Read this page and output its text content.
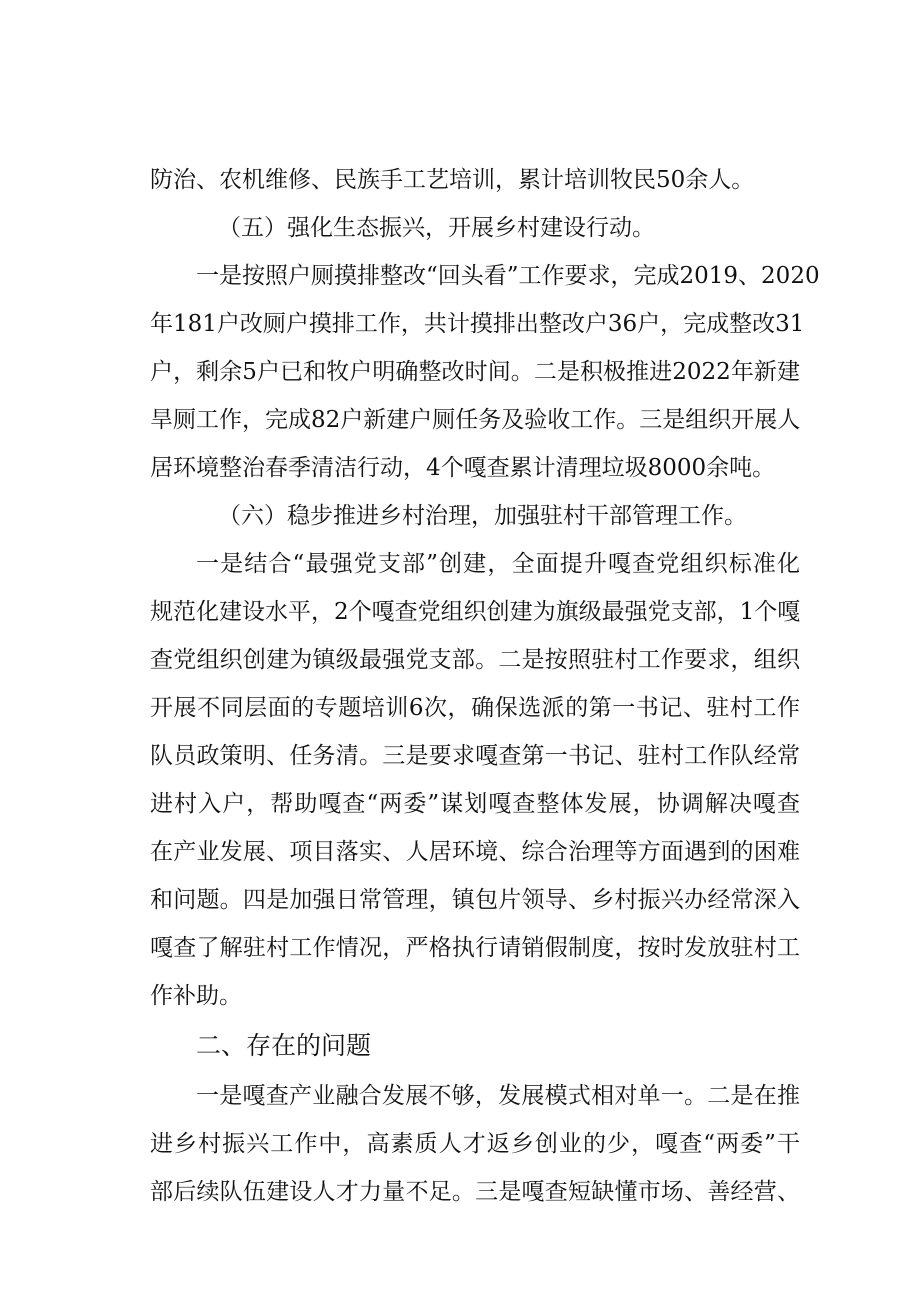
防治、农机维修、民族手工艺培训，累计培训牧民50余人。
（五）强化生态振兴，开展乡村建设行动。
一是按照户厕摸排整改“回头看”工作要求，完成2019、2020
年181户改厕户摸排工作，共计摸排出整改户36户，完成整改31
户，剩余5户已和牧户明确整改时间。二是积极推进2022年新建
旱厕工作，完成82户新建户厕任务及验收工作。三是组织开展人
居环境整治春季清洁行动，4个嘎查累计清理垃圾8000余吨。
（六）稳步推进乡村治理，加强驻村干部管理工作。
一是结合“最强党支部”创建，全面提升嘎查党组织标准化
规范化建设水平，2个嘎查党组织创建为旗级最强党支部，1个嘎
查党组织创建为镇级最强党支部。二是按照驻村工作要求，组织
开展不同层面的专题培训6次，确保选派的第一书记、驻村工作
队员政策明、任务清。三是要求嘎查第一书记、驻村工作队经常
进村入户，帮助嘎查“两委”谋划嘎查整体发展，协调解决嘎查
在产业发展、项目落实、人居环境、综合治理等方面遇到的困难
和问题。四是加强日常管理，镇包片领导、乡村振兴办经常深入
嘎查了解驻村工作情况，严格执行请销假制度，按时发放驻村工
作补助。
二、存在的问题
一是嘎查产业融合发展不够，发展模式相对单一。二是在推
进乡村振兴工作中，高素质人才返乡创业的少，嘎查“两委”干
部后续队伍建设人才力量不足。三是嘎查短缺懂市场、善经营、
